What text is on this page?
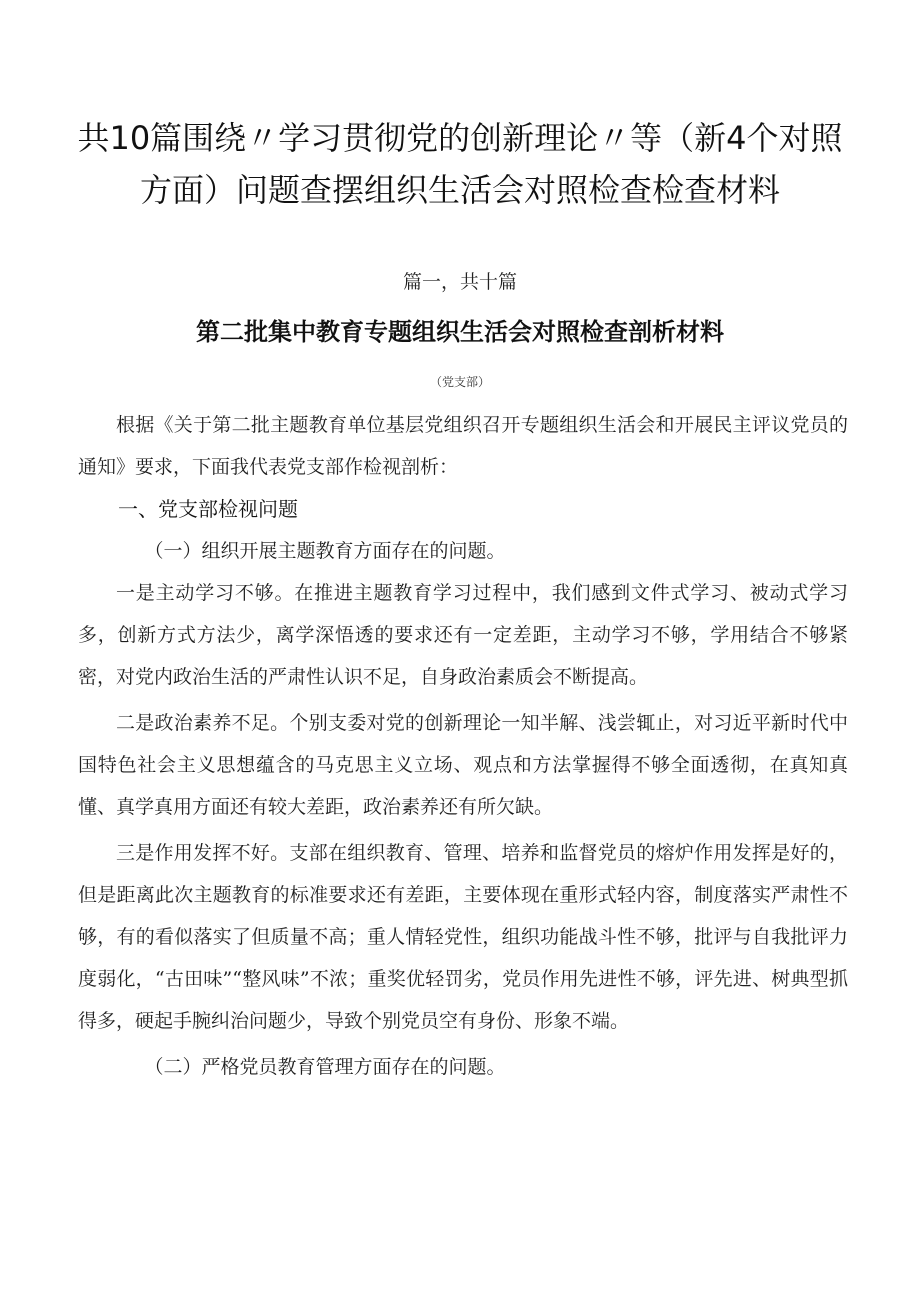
共10篇围绕〃学习贯彻党的创新理论〃等（新4个对照
方面）问题查摆组织生活会对照检查检查材料
篇一，共十篇
第二批集中教育专题组织生活会对照检查剖析材料
（党支部）

根据《关于第二批主题教育单位基层党组织召开专题组织生活会和开展民主评议党员的通知》要求，下面我代表党支部作检视剖析：

一、党支部检视问题

（一）组织开展主题教育方面存在的问题。

一是主动学习不够。在推进主题教育学习过程中，我们感到文件式学习、被动式学习多，创新方式方法少，离学深悟透的要求还有一定差距，主动学习不够，学用结合不够紧密，对党内政治生活的严肃性认识不足，自身政治素质会不断提高。

二是政治素养不足。个别支委对党的创新理论一知半解、浅尝辄止，对习近平新时代中国特色社会主义思想蕴含的马克思主义立场、观点和方法掌握得不够全面透彻，在真知真懂、真学真用方面还有较大差距，政治素养还有所欠缺。

三是作用发挥不好。支部在组织教育、管理、培养和监督党员的熔炉作用发挥是好的，但是距离此次主题教育的标准要求还有差距，主要体现在重形式轻内容，制度落实严肃性不够，有的看似落实了但质量不高；重人情轻党性，组织功能战斗性不够，批评与自我批评力度弱化，“古田味”“整风味”不浓；重奖优轻罚劣，党员作用先进性不够，评先进、树典型抓得多，硬起手腕纠治问题少，导致个别党员空有身份、形象不端。

（二）严格党员教育管理方面存在的问题。
